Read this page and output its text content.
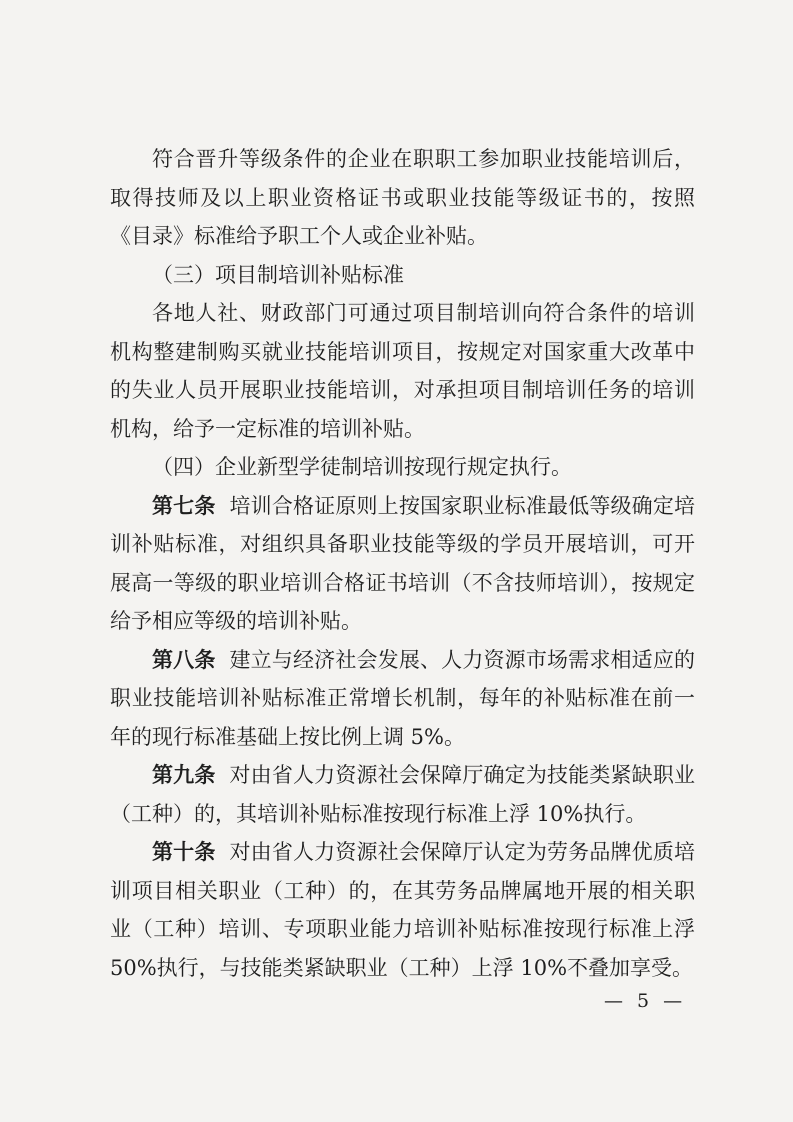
符合晋升等级条件的企业在职职工参加职业技能培训后，取得技师及以上职业资格证书或职业技能等级证书的，按照《目录》标准给予职工个人或企业补贴。

（三）项目制培训补贴标准

各地人社、财政部门可通过项目制培训向符合条件的培训机构整建制购买就业技能培训项目，按规定对国家重大改革中的失业人员开展职业技能培训，对承担项目制培训任务的培训机构，给予一定标准的培训补贴。

（四）企业新型学徒制培训按现行规定执行。

第七条 培训合格证原则上按国家职业标准最低等级确定培训补贴标准，对组织具备职业技能等级的学员开展培训，可开展高一等级的职业培训合格证书培训（不含技师培训），按规定给予相应等级的培训补贴。

第八条 建立与经济社会发展、人力资源市场需求相适应的职业技能培训补贴标准正常增长机制，每年的补贴标准在前一年的现行标准基础上按比例上调 5%。

第九条 对由省人力资源社会保障厅确定为技能类紧缺职业（工种）的，其培训补贴标准按现行标准上浮 10%执行。

第十条 对由省人力资源社会保障厅认定为劳务品牌优质培训项目相关职业（工种）的，在其劳务品牌属地开展的相关职业（工种）培训、专项职业能力培训补贴标准按现行标准上浮 50%执行，与技能类紧缺职业（工种）上浮 10%不叠加享受。

— 5 —
